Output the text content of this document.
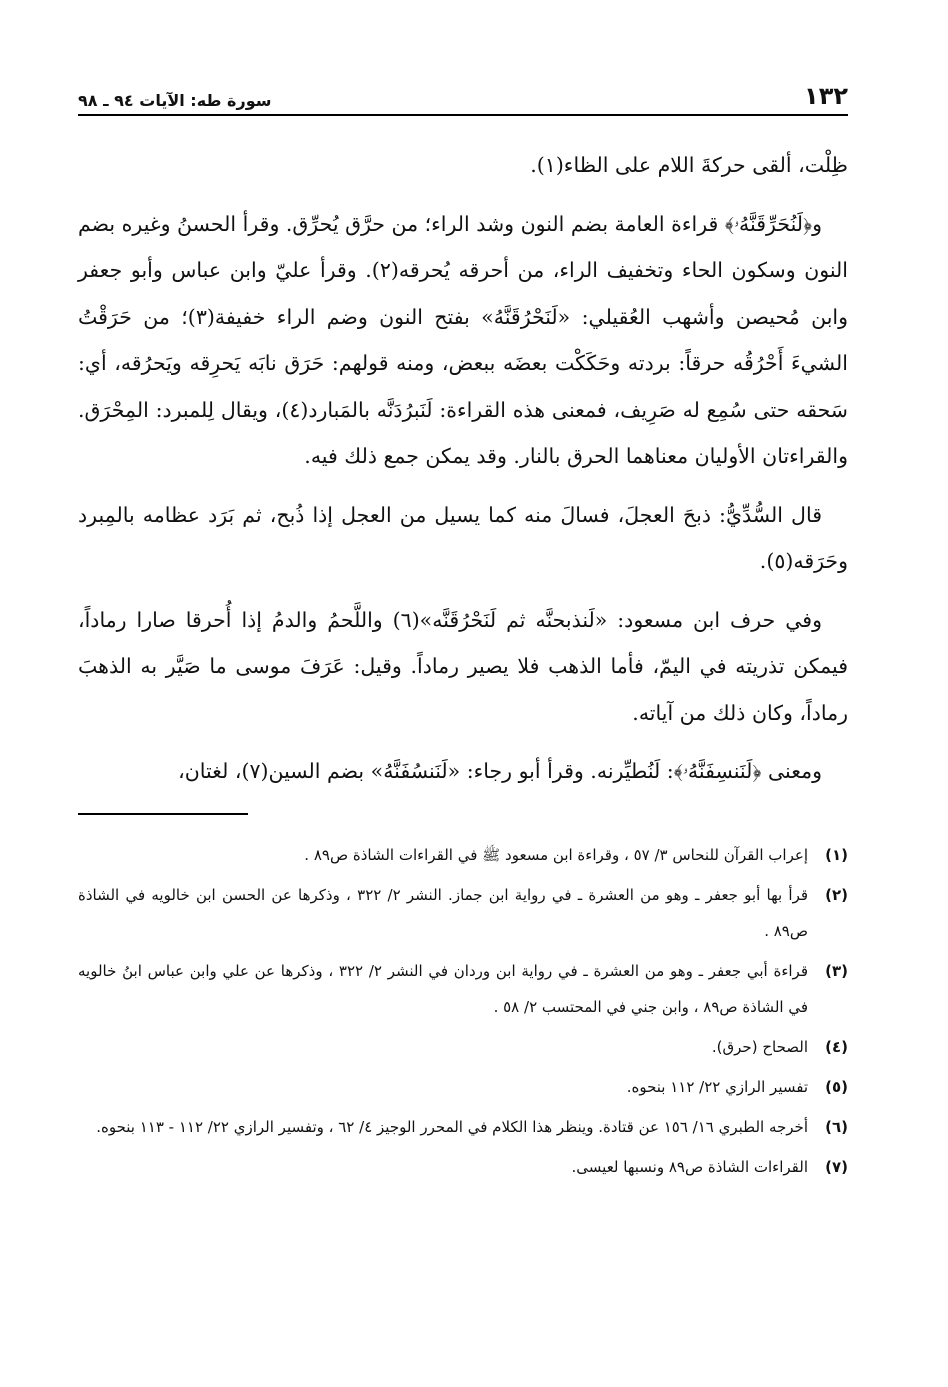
١٣٢
سورة طه: الآيات ٩٤ ـ ٩٨

ظِلْت، ألقى حركةَ اللام على الظاء(١).

و﴿لَنُحَرِّقَنَّهُۥ﴾ قراءة العامة بضم النون وشد الراء؛ من حرَّق يُحرِّق. وقرأ الحسنُ وغيره بضم النون وسكون الحاء وتخفيف الراء، من أحرقه يُحرقه(٢). وقرأ عليّ وابن عباس وأبو جعفر وابن مُحيصن وأشهب العُقيلي: «لَنَحْرُقَنَّهُ» بفتح النون وضم الراء خفيفة(٣)؛ من حَرَقْتُ الشيءَ أَحْرُقُه حرقاً: بردته وحَكَكْت بعضَه ببعض، ومنه قولهم: حَرَق نابَه يَحرِقه ويَحرُقه، أي: سَحقه حتى سُمِع له صَرِيف، فمعنى هذه القراءة: لَنَبرُدَنَّه بالمَبارد(٤)، ويقال لِلمبرد: المِحْرَق. والقراءتان الأوليان معناهما الحرق بالنار. وقد يمكن جمع ذلك فيه.

قال السُّدِّيُّ: ذبحَ العجلَ، فسالَ منه كما يسيل من العجل إذا ذُبح، ثم بَرَد عظامه بالمِبرد وحَرَقه(٥).

وفي حرف ابن مسعود: «لَنذبحنَّه ثم لَنَحْرُقَنَّه»(٦) واللَّحمُ والدمُ إذا أُحرقا صارا رماداً، فيمكن تذريته في اليمّ، فأما الذهب فلا يصير رماداً. وقيل: عَرَفَ موسى ما صَيَّر به الذهبَ رماداً، وكان ذلك من آياته.

ومعنى ﴿لَنَنسِفَنَّهُۥ﴾: لَنُطيِّرنه. وقرأ أبو رجاء: «لَنَنسُفَنَّهُ» بضم السين(٧)، لغتان،

(١)
إعراب القرآن للنحاس ٣/ ٥٧ ، وقراءة ابن مسعود ﷺ في القراءات الشاذة ص٨٩ .
(٢)
قرأ بها أبو جعفر ـ وهو من العشرة ـ في رواية ابن جماز. النشر ٢/ ٣٢٢ ، وذكرها عن الحسن ابن خالويه في الشاذة ص٨٩ .
(٣)
قراءة أبي جعفر ـ وهو من العشرة ـ في رواية ابن وردان في النشر ٢/ ٣٢٢ ، وذكرها عن علي وابن عباس ابنُ خالويه في الشاذة ص٨٩ ، وابن جني في المحتسب ٢/ ٥٨ .
(٤)
الصحاح (حرق).
(٥)
تفسير الرازي ٢٢/ ١١٢ بنحوه.
(٦)
أخرجه الطبري ١٦/ ١٥٦ عن قتادة. وينظر هذا الكلام في المحرر الوجيز ٤/ ٦٢ ، وتفسير الرازي ٢٢/ ١١٢ - ١١٣ بنحوه.
(٧)
القراءات الشاذة ص٨٩ ونسبها لعيسى.
